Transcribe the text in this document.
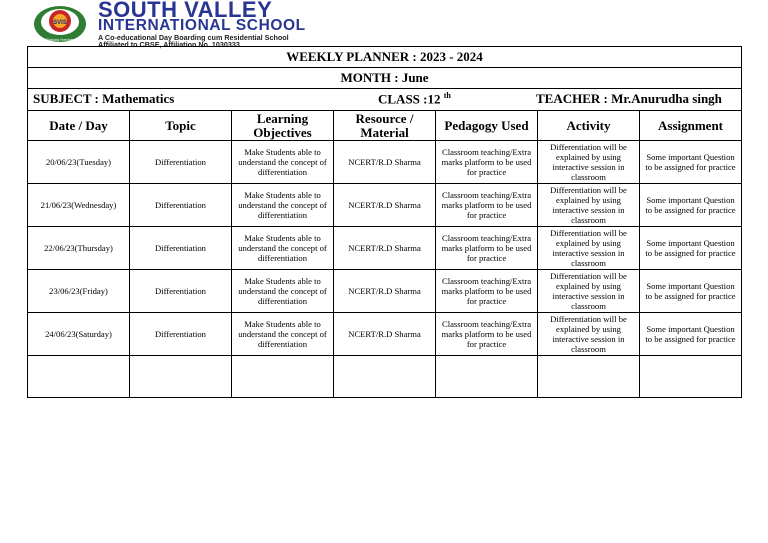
SVIS
Raising Heights
SOUTH VALLEY
INTERNATIONAL SCHOOL
A Co-educational Day Boarding cum Residential School
Affiliated to CBSE, Affiliation No. 1030333
WEEKLY PLANNER : 2023 - 2024						
MONTH : June						

SUBJECT : Mathematics CLASS :12 $^{th}$ TEACHER : Mr.Anurudha singh						

Date / Day	Topic	Learning Objectives	Resource / Material	Pedagogy Used	Activity	Assignment
20/06/23(Tuesday)	Differentiation	Make Students able to understand the concept of differentiation	NCERT/R.D Sharma	Classroom teaching/Extra marks platform to be used for practice	Differentiation will be explained by using interactive session in classroom	Some important Question to be assigned for practice
21/06/23(Wednesday)	Differentiation	Make Students able to understand the concept of differentiation	NCERT/R.D Sharma	Classroom teaching/Extra marks platform to be used for practice	Differentiation will be explained by using interactive session in classroom	Some important Question to be assigned for practice
22/06/23(Thursday)	Differentiation	Make Students able to understand the concept of differentiation	NCERT/R.D Sharma	Classroom teaching/Extra marks platform to be used for practice	Differentiation will be explained by using interactive session in classroom	Some important Question to be assigned for practice
23/06/23(Friday)	Differentiation	Make Students able to understand the concept of differentiation	NCERT/R.D Sharma	Classroom teaching/Extra marks platform to be used for practice	Differentiation will be explained by using interactive session in classroom	Some important Question to be assigned for practice
24/06/23(Saturday)	Differentiation	Make Students able to understand the concept of differentiation	NCERT/R.D Sharma	Classroom teaching/Extra marks platform to be used for practice	Differentiation will be explained by using interactive session in classroom	Some important Question to be assigned for practice
